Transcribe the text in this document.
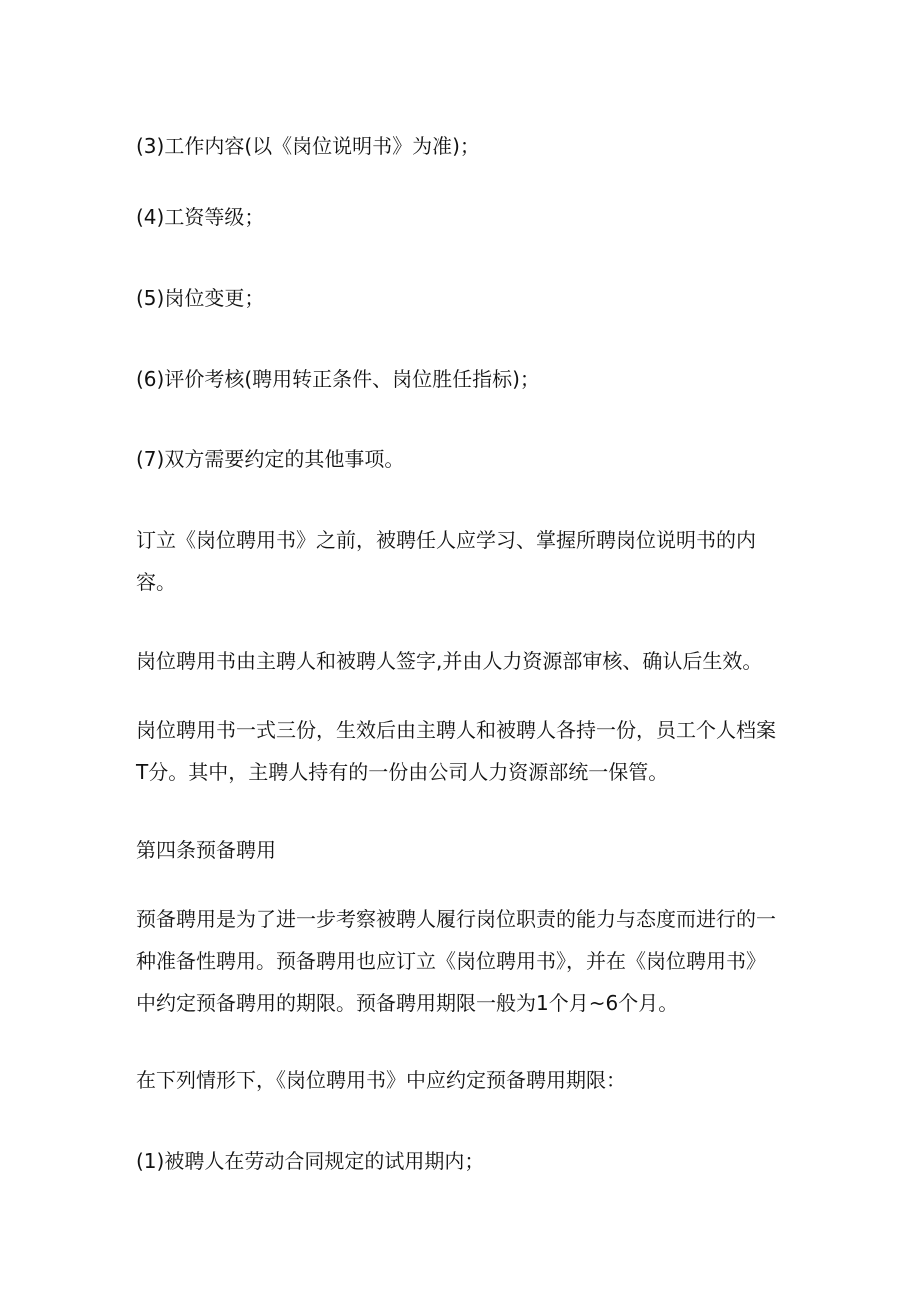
(3)工作内容(以《岗位说明书》为准)；

(4)工资等级；

(5)岗位变更；

(6)评价考核(聘用转正条件、岗位胜任指标)；

(7)双方需要约定的其他事项。

订立《岗位聘用书》之前，被聘任人应学习、掌握所聘岗位说明书的内
容。

岗位聘用书由主聘人和被聘人签字,并由人力资源部审核、确认后生效。

岗位聘用书一式三份，生效后由主聘人和被聘人各持一份，员工个人档案
T分。其中，主聘人持有的一份由公司人力资源部统一保管。

第四条预备聘用

预备聘用是为了进一步考察被聘人履行岗位职责的能力与态度而进行的一
种准备性聘用。预备聘用也应订立《岗位聘用书》，并在《岗位聘用书》
中约定预备聘用的期限。预备聘用期限一般为1个月~6个月。

在下列情形下，《岗位聘用书》中应约定预备聘用期限：

(1)被聘人在劳动合同规定的试用期内；
